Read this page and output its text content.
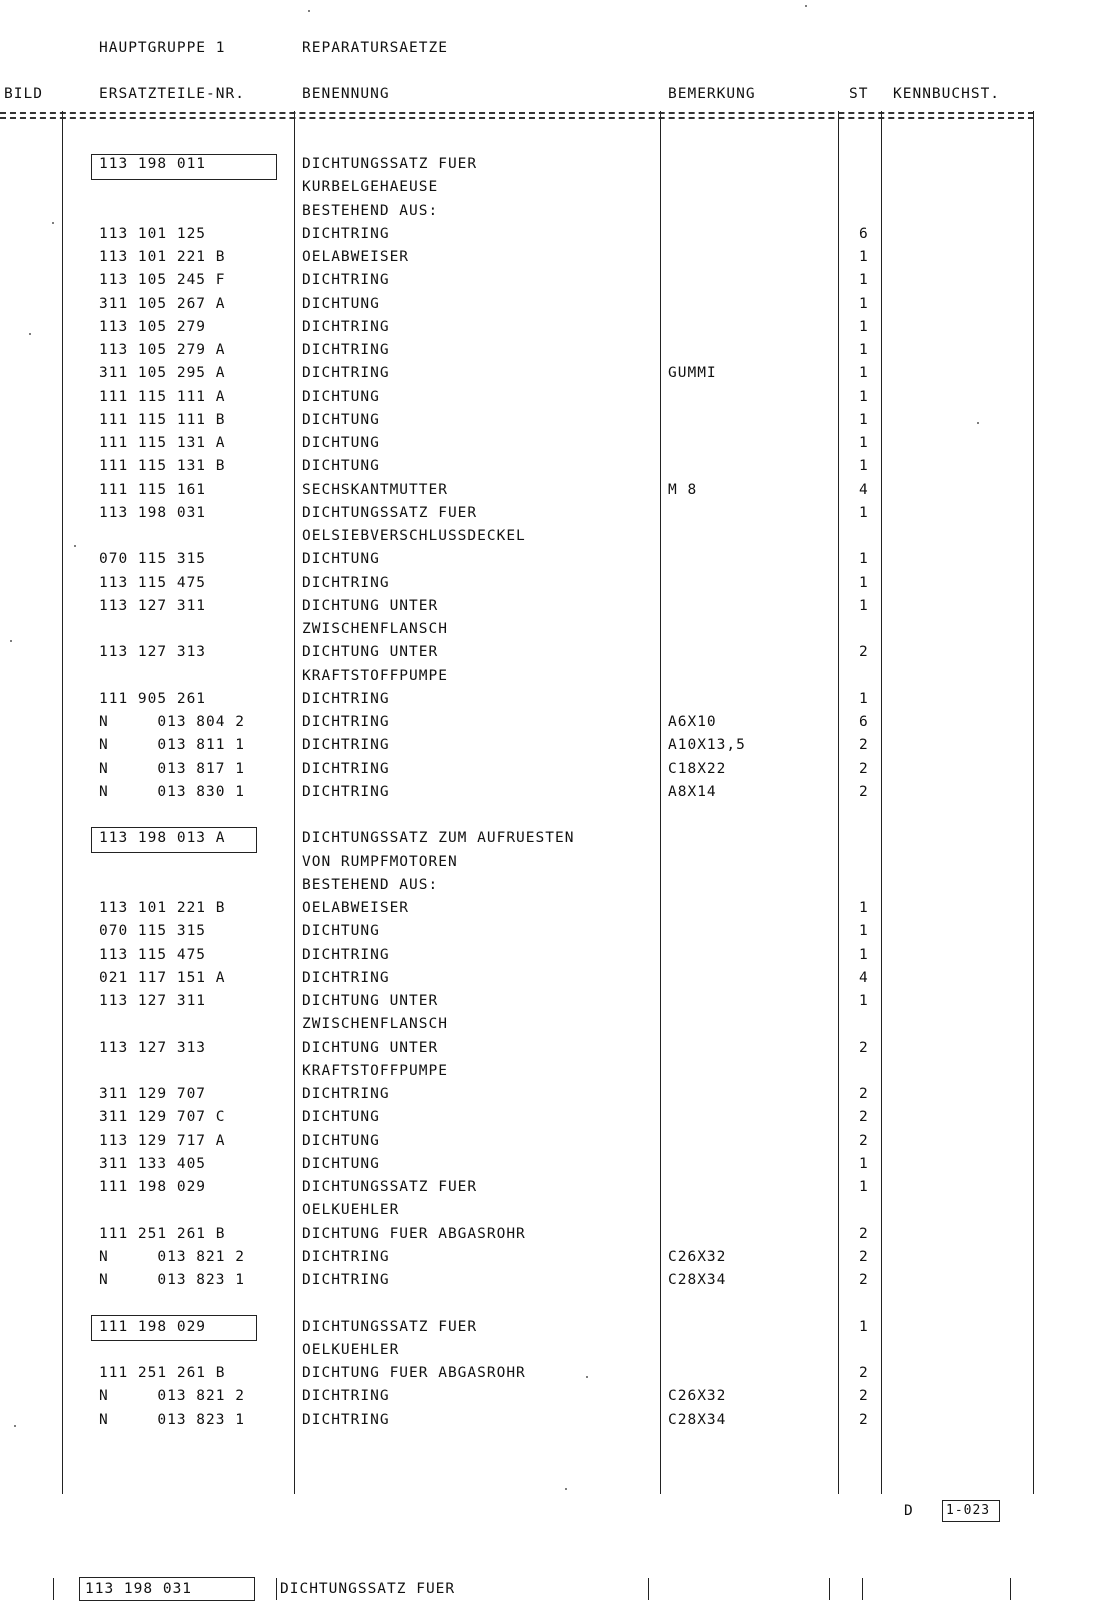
HAUPTGRUPPE 1	REPARATURSAETZE
BILD	ERSATZTEILE-NR.	BENENNUNG	BEMERKUNG	ST KENNBUCHST.
113 198 011	DICHTUNGSSATZ FUER
KURBELGEHAEUSE
BESTEHEND AUS:
113 101 125	DICHTRING	6
113 101 221 B	OELABWEISER	1
113 105 245 F	DICHTRING	1
311 105 267 A	DICHTUNG	1
113 105 279	DICHTRING	1
113 105 279 A	DICHTRING	1
311 105 295 A	DICHTRING	GUMMI	1
111 115 111 A	DICHTUNG	1
111 115 111 B	DICHTUNG	1
111 115 131 A	DICHTUNG	1
111 115 131 B	DICHTUNG	1
111 115 161	SECHSKANTMUTTER	M 8	4
113 198 031	DICHTUNGSSATZ FUER	1
OELSIEBVERSCHLUSSDECKEL
070 115 315	DICHTUNG	1
113 115 475	DICHTRING	1
113 127 311	DICHTUNG UNTER	1
ZWISCHENFLANSCH
113 127 313	DICHTUNG UNTER	2
KRAFTSTOFFPUMPE
111 905 261	DICHTRING	1
N     013 804 2	DICHTRING	A6X10	6
N     013 811 1	DICHTRING	A10X13,5	2
N     013 817 1	DICHTRING	C18X22	2
N     013 830 1	DICHTRING	A8X14	2
113 198 013 A	DICHTUNGSSATZ ZUM AUFRUESTEN
VON RUMPFMOTOREN
BESTEHEND AUS:
113 101 221 B	OELABWEISER	1
070 115 315	DICHTUNG	1
113 115 475	DICHTRING	1
021 117 151 A	DICHTRING	4
113 127 311	DICHTUNG UNTER	1
ZWISCHENFLANSCH
113 127 313	DICHTUNG UNTER	2
KRAFTSTOFFPUMPE
311 129 707	DICHTRING	2
311 129 707 C	DICHTUNG	2
113 129 717 A	DICHTUNG	2
311 133 405	DICHTUNG	1
111 198 029	DICHTUNGSSATZ FUER	1
OELKUEHLER
111 251 261 B	DICHTUNG FUER ABGASROHR	2
N     013 821 2	DICHTRING	C26X32	2
N     013 823 1	DICHTRING	C28X34	2
111 198 029	DICHTUNGSSATZ FUER	1
OELKUEHLER
111 251 261 B	DICHTUNG FUER ABGASROHR	2
N     013 821 2	DICHTRING	C26X32	2
N     013 823 1	DICHTRING	C28X34	2
D 1-023
113 198 031	DICHTUNGSSATZ FUER
